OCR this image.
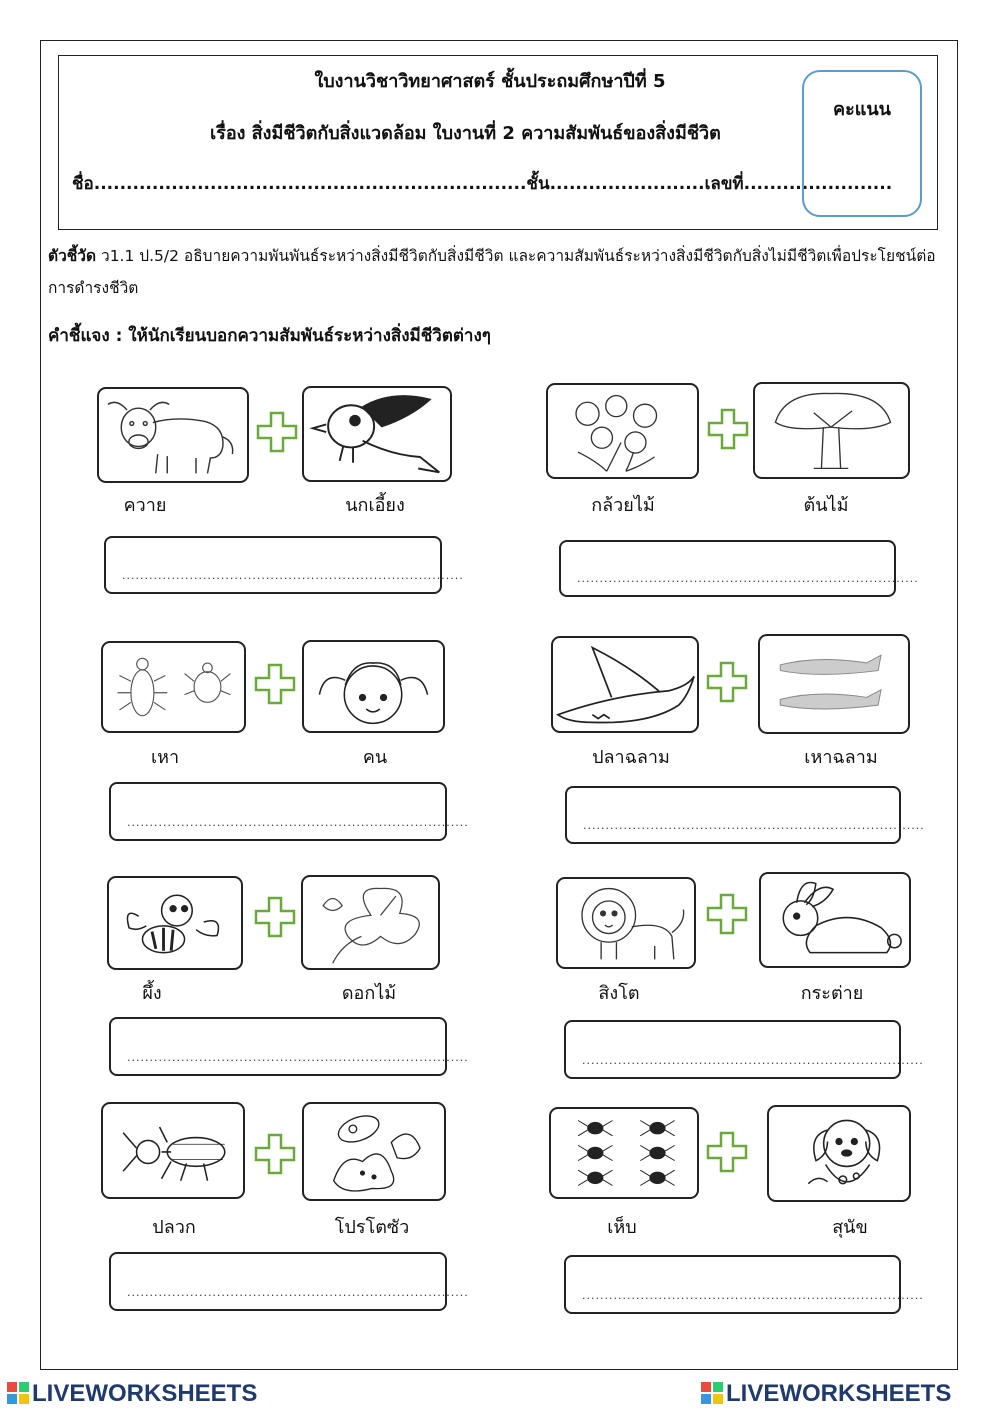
ใบงานวิชาวิทยาศาสตร์ ชั้นประถมศึกษาปีที่ 5
เรื่อง สิ่งมีชีวิตกับสิ่งแวดล้อม ใบงานที่ 2 ความสัมพันธ์ของสิ่งมีชีวิต
ชื่อ...................................................................ชั้น........................เลขที่.......................
คะแนน
ตัวชี้วัด ว1.1 ป.5/2 อธิบายความพันพันธ์ระหว่างสิ่งมีชีวิตกับสิ่งมีชีวิต และความสัมพันธ์ระหว่างสิ่งมีชีวิตกับสิ่งไม่มีชีวิตเพื่อประโยชน์ต่อการดำรงชีวิต
คำชี้แจง : ให้นักเรียนบอกความสัมพันธ์ระหว่างสิ่งมีชีวิตต่างๆ
ควาย	นกเอี้ยง
............................................................................
กล้วยไม้	ต้นไม้
............................................................................
เหา	คน
............................................................................
ปลาฉลาม	เหาฉลาม
............................................................................
ผึ้ง	ดอกไม้
............................................................................
สิงโต	กระต่าย
............................................................................
ปลวก	โปรโตซัว
............................................................................
เห็บ	สุนัข
............................................................................
LIVEWORKSHEETS	LIVEWORKSHEETS
